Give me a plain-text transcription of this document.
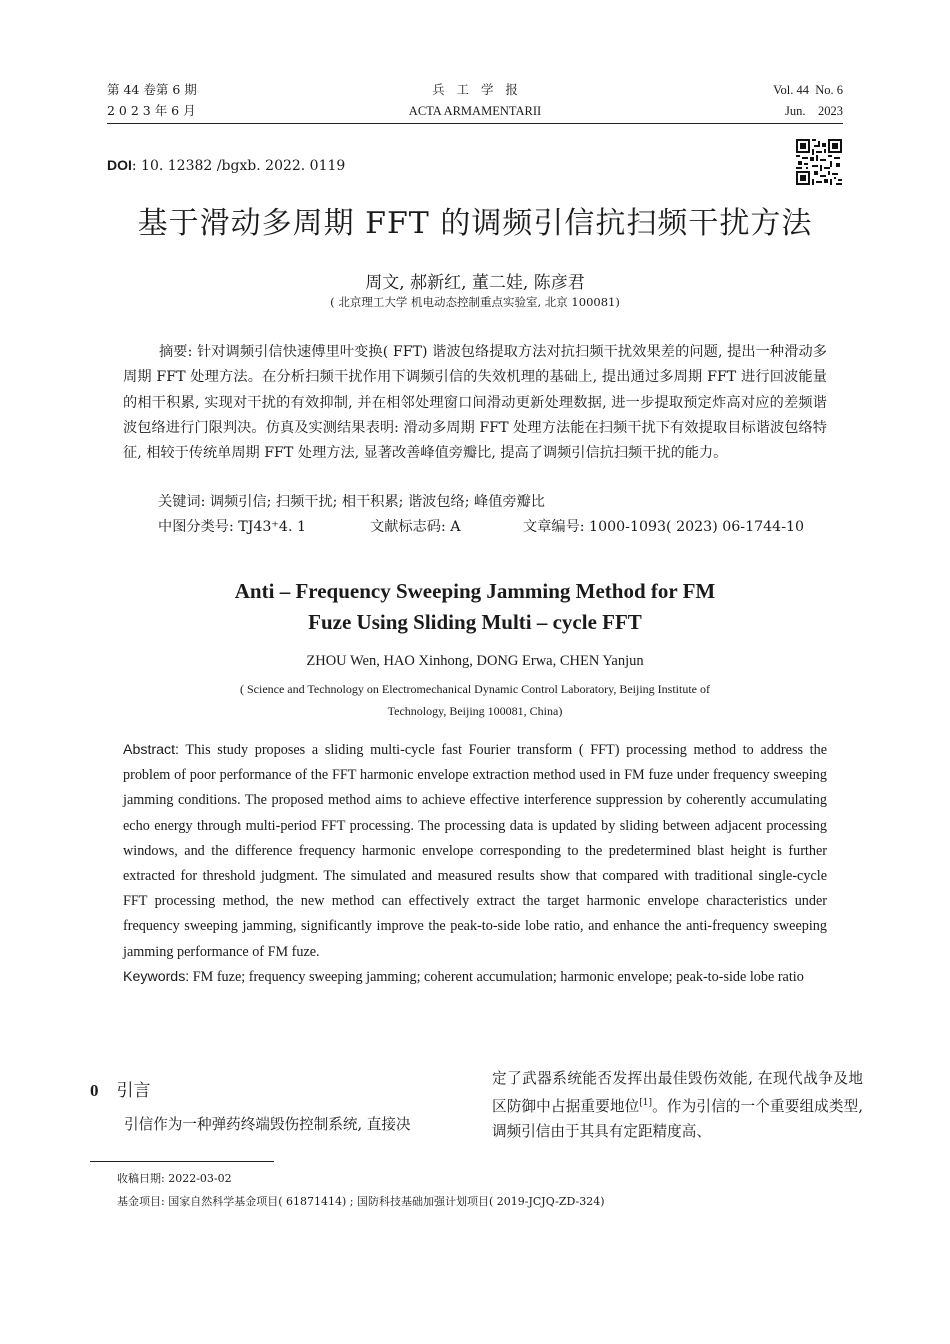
第 44 卷第 6 期
2 0 2 3 年 6 月
兵   工   学   报
ACTA ARMAMENTARII
Vol. 44  No. 6
Jun.    2023
DOI: 10. 12382 /bgxb. 2022. 0119
基于滑动多周期 FFT 的调频引信抗扫频干扰方法
周文, 郝新红, 董二娃, 陈彦君
( 北京理工大学 机电动态控制重点实验室, 北京 100081)
摘要: 针对调频引信快速傅里叶变换( FFT) 谐波包络提取方法对抗扫频干扰效果差的问题, 提出一种滑动多周期 FFT 处理方法。在分析扫频干扰作用下调频引信的失效机理的基础上, 提出通过多周期 FFT 进行回波能量的相干积累, 实现对干扰的有效抑制, 并在相邻处理窗口间滑动更新处理数据, 进一步提取预定炸高对应的差频谐波包络进行门限判决。仿真及实测结果表明: 滑动多周期 FFT 处理方法能在扫频干扰下有效提取目标谐波包络特征, 相较于传统单周期 FFT 处理方法, 显著改善峰值旁瓣比, 提高了调频引信抗扫频干扰的能力。
关键词: 调频引信; 扫频干扰; 相干积累; 谐波包络; 峰值旁瓣比
中图分类号: TJ43⁺4. 1	文献标志码: A	文章编号: 1000-1093( 2023) 06-1744-10
Anti – Frequency Sweeping Jamming Method for FM
Fuze Using Sliding Multi – cycle FFT
ZHOU Wen, HAO Xinhong, DONG Erwa, CHEN Yanjun
( Science and Technology on Electromechanical Dynamic Control Laboratory, Beijing Institute of Technology, Beijing 100081, China)
Abstract: This study proposes a sliding multi-cycle fast Fourier transform ( FFT) processing method to address the problem of poor performance of the FFT harmonic envelope extraction method used in FM fuze under frequency sweeping jamming conditions. The proposed method aims to achieve effective interference suppression by coherently accumulating echo energy through multi-period FFT processing. The processing data is updated by sliding between adjacent processing windows, and the difference frequency harmonic envelope corresponding to the predetermined blast height is further extracted for threshold judgment. The simulated and measured results show that compared with traditional single-cycle FFT processing method, the new method can effectively extract the target harmonic envelope characteristics under frequency sweeping jamming, significantly improve the peak-to-side lobe ratio, and enhance the anti-frequency sweeping jamming performance of FM fuze.
Keywords: FM fuze; frequency sweeping jamming; coherent accumulation; harmonic envelope; peak-to-side lobe ratio
0 引言
引信作为一种弹药终端毁伤控制系统, 直接决
定了武器系统能否发挥出最佳毁伤效能, 在现代战争及地区防御中占据重要地位[1]。作为引信的一个重要组成类型, 调频引信由于其具有定距精度高、
收稿日期: 2022-03-02
基金项目: 国家自然科学基金项目( 61871414) ; 国防科技基础加强计划项目( 2019-JCJQ-ZD-324)
